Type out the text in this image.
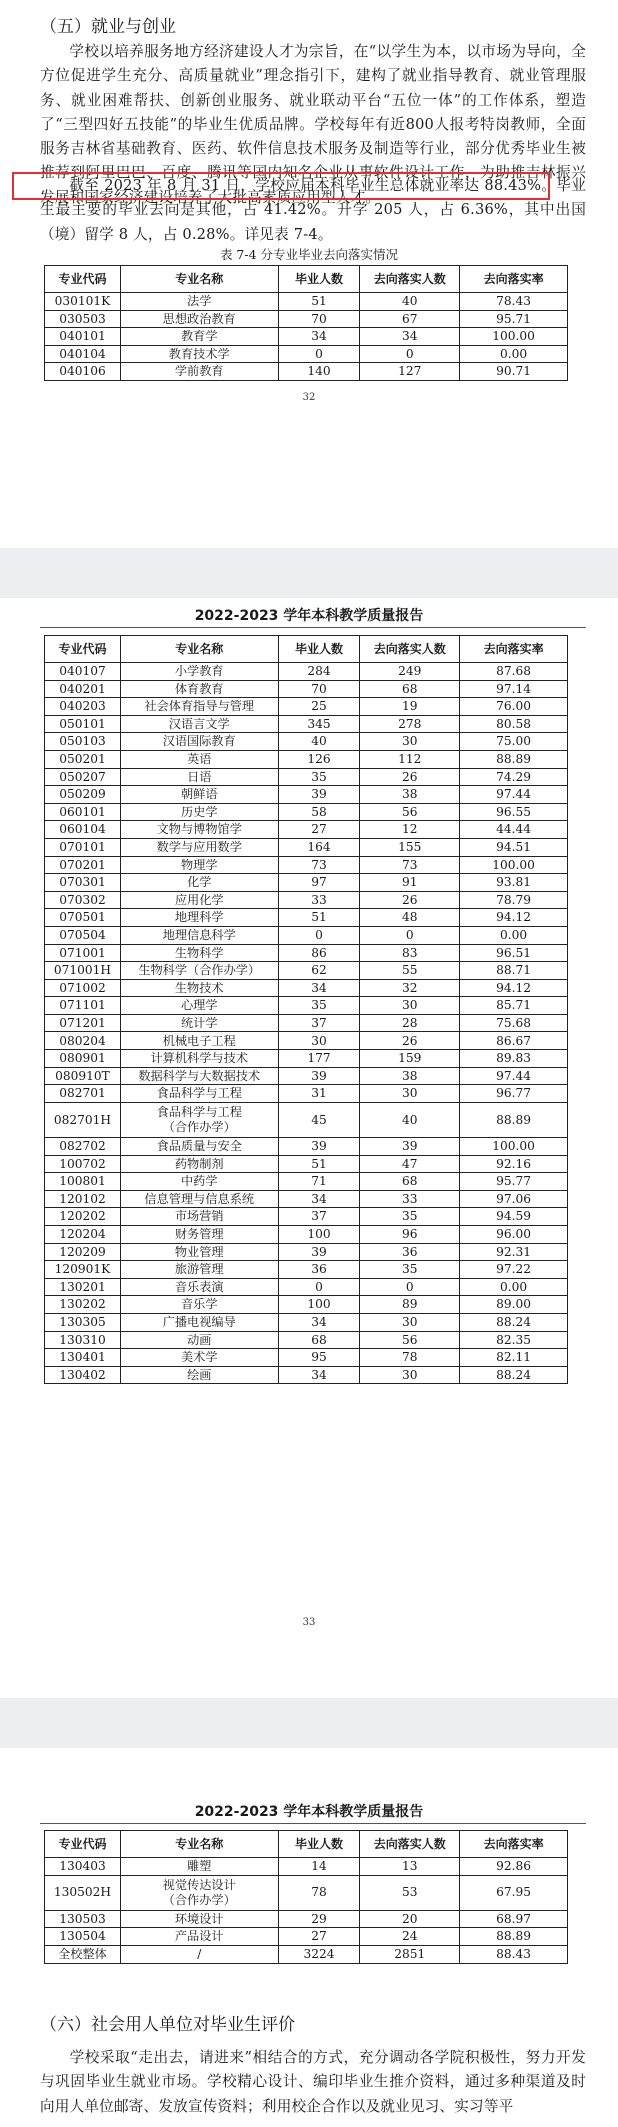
（五）就业与创业

学校以培养服务地方经济建设人才为宗旨，在“以学生为本，以市场为导向，全方位促进学生充分、高质量就业”理念指引下，建构了就业指导教育、就业管理服务、就业困难帮扶、创新创业服务、就业联动平台“五位一体”的工作体系，塑造了“三型四好五技能”的毕业生优质品牌。学校每年有近800人报考特岗教师，全面服务吉林省基础教育、医药、软件信息技术服务及制造等行业，部分优秀毕业生被推荐到阿里巴巴、百度、腾讯等国内知名企业从事软件设计工作，为助推吉林振兴发展和国家经济建设培养了大批高素质应用型人才。

截至 2023 年 8 月 31 日，学校应届本科毕业生总体就业率达 88.43%。毕业生最主要的毕业去向是其他，占 41.42%。升学 205 人，占 6.36%，其中出国（境）留学 8 人，占 0.28%。详见表 7-4。

表 7-4 分专业毕业去向落实情况
专业代码	专业名称	毕业人数	去向落实人数	去向落实率
030101K	法学	51	40	78.43
030503	思想政治教育	70	67	95.71
040101	教育学	34	34	100.00
040104	教育技术学	0	0	0.00
040106	学前教育	140	127	90.71
32
2022-2023 学年本科教学质量报告
专业代码	专业名称	毕业人数	去向落实人数	去向落实率
040107	小学教育	284	249	87.68
040201	体育教育	70	68	97.14
040203	社会体育指导与管理	25	19	76.00
050101	汉语言文学	345	278	80.58
050103	汉语国际教育	40	30	75.00
050201	英语	126	112	88.89
050207	日语	35	26	74.29
050209	朝鲜语	39	38	97.44
060101	历史学	58	56	96.55
060104	文物与博物馆学	27	12	44.44
070101	数学与应用数学	164	155	94.51
070201	物理学	73	73	100.00
070301	化学	97	91	93.81
070302	应用化学	33	26	78.79
070501	地理科学	51	48	94.12
070504	地理信息科学	0	0	0.00
071001	生物科学	86	83	96.51
071001H	生物科学（合作办学）	62	55	88.71
071002	生物技术	34	32	94.12
071101	心理学	35	30	85.71
071201	统计学	37	28	75.68
080204	机械电子工程	30	26	86.67
080901	计算机科学与技术	177	159	89.83
080910T	数据科学与大数据技术	39	38	97.44
082701	食品科学与工程	31	30	96.77
082701H	食品科学与工程
（合作办学）	45	40	88.89
082702	食品质量与安全	39	39	100.00
100702	药物制剂	51	47	92.16
100801	中药学	71	68	95.77
120102	信息管理与信息系统	34	33	97.06
120202	市场营销	37	35	94.59
120204	财务管理	100	96	96.00
120209	物业管理	39	36	92.31
120901K	旅游管理	36	35	97.22
130201	音乐表演	0	0	0.00
130202	音乐学	100	89	89.00
130305	广播电视编导	34	30	88.24
130310	动画	68	56	82.35
130401	美术学	95	78	82.11
130402	绘画	34	30	88.24
33
2022-2023 学年本科教学质量报告
专业代码	专业名称	毕业人数	去向落实人数	去向落实率
130403	雕塑	14	13	92.86
130502H	视觉传达设计
（合作办学）	78	53	67.95
130503	环境设计	29	20	68.97
130504	产品设计	27	24	88.89
全校整体	/	3224	2851	88.43
（六）社会用人单位对毕业生评价

学校采取“走出去，请进来”相结合的方式，充分调动各学院积极性，努力开发与巩固毕业生就业市场。学校精心设计、编印毕业生推介资料，通过多种渠道及时向用人单位邮寄、发放宣传资料；利用校企合作以及就业见习、实习等平
